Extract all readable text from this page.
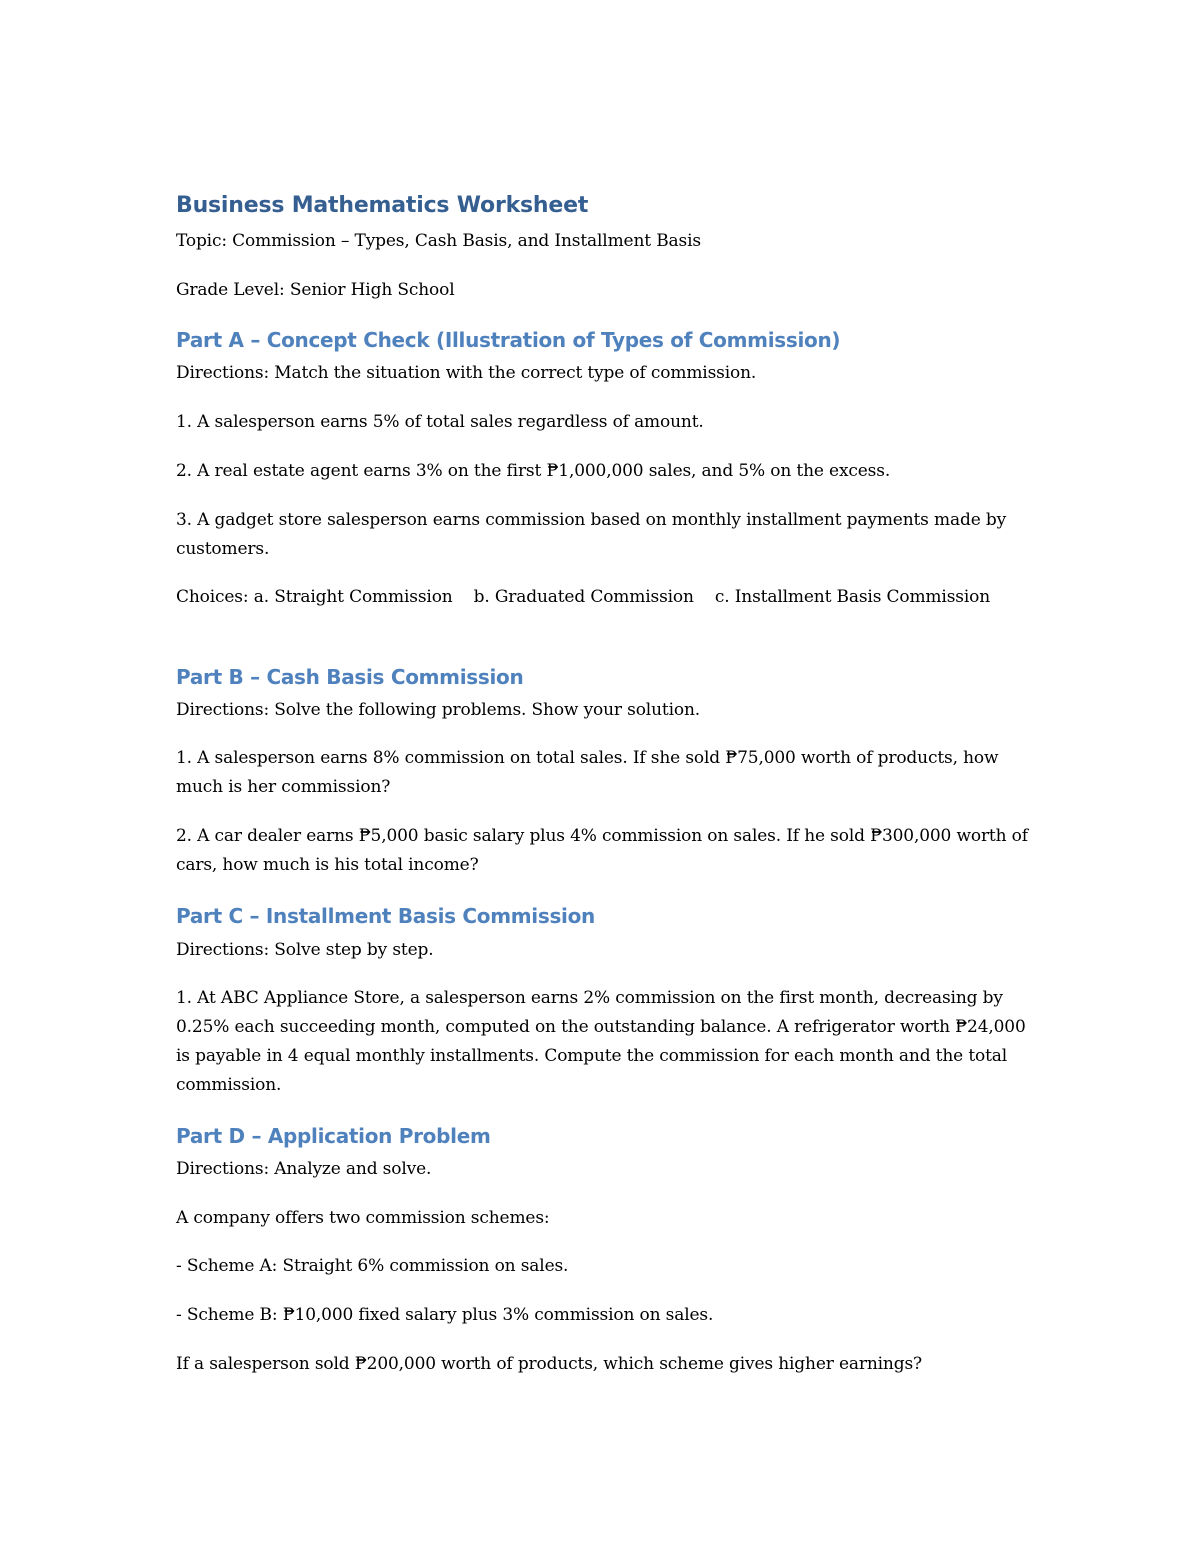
Business Mathematics Worksheet

Topic: Commission – Types, Cash Basis, and Installment Basis

Grade Level: Senior High School

Part A – Concept Check (Illustration of Types of Commission)

Directions: Match the situation with the correct type of commission.

1. A salesperson earns 5% of total sales regardless of amount.

2. A real estate agent earns 3% on the first ₱1,000,000 sales, and 5% on the excess.

3. A gadget store salesperson earns commission based on monthly installment payments made by customers.

Choices: a. Straight Commission    b. Graduated Commission    c. Installment Basis Commission

Part B – Cash Basis Commission

Directions: Solve the following problems. Show your solution.

1. A salesperson earns 8% commission on total sales. If she sold ₱75,000 worth of products, how much is her commission?

2. A car dealer earns ₱5,000 basic salary plus 4% commission on sales. If he sold ₱300,000 worth of cars, how much is his total income?

Part C – Installment Basis Commission

Directions: Solve step by step.

1. At ABC Appliance Store, a salesperson earns 2% commission on the first month, decreasing by 0.25% each succeeding month, computed on the outstanding balance. A refrigerator worth ₱24,000 is payable in 4 equal monthly installments. Compute the commission for each month and the total commission.

Part D – Application Problem

Directions: Analyze and solve.

A company offers two commission schemes:

- Scheme A: Straight 6% commission on sales.

- Scheme B: ₱10,000 fixed salary plus 3% commission on sales.

If a salesperson sold ₱200,000 worth of products, which scheme gives higher earnings?
